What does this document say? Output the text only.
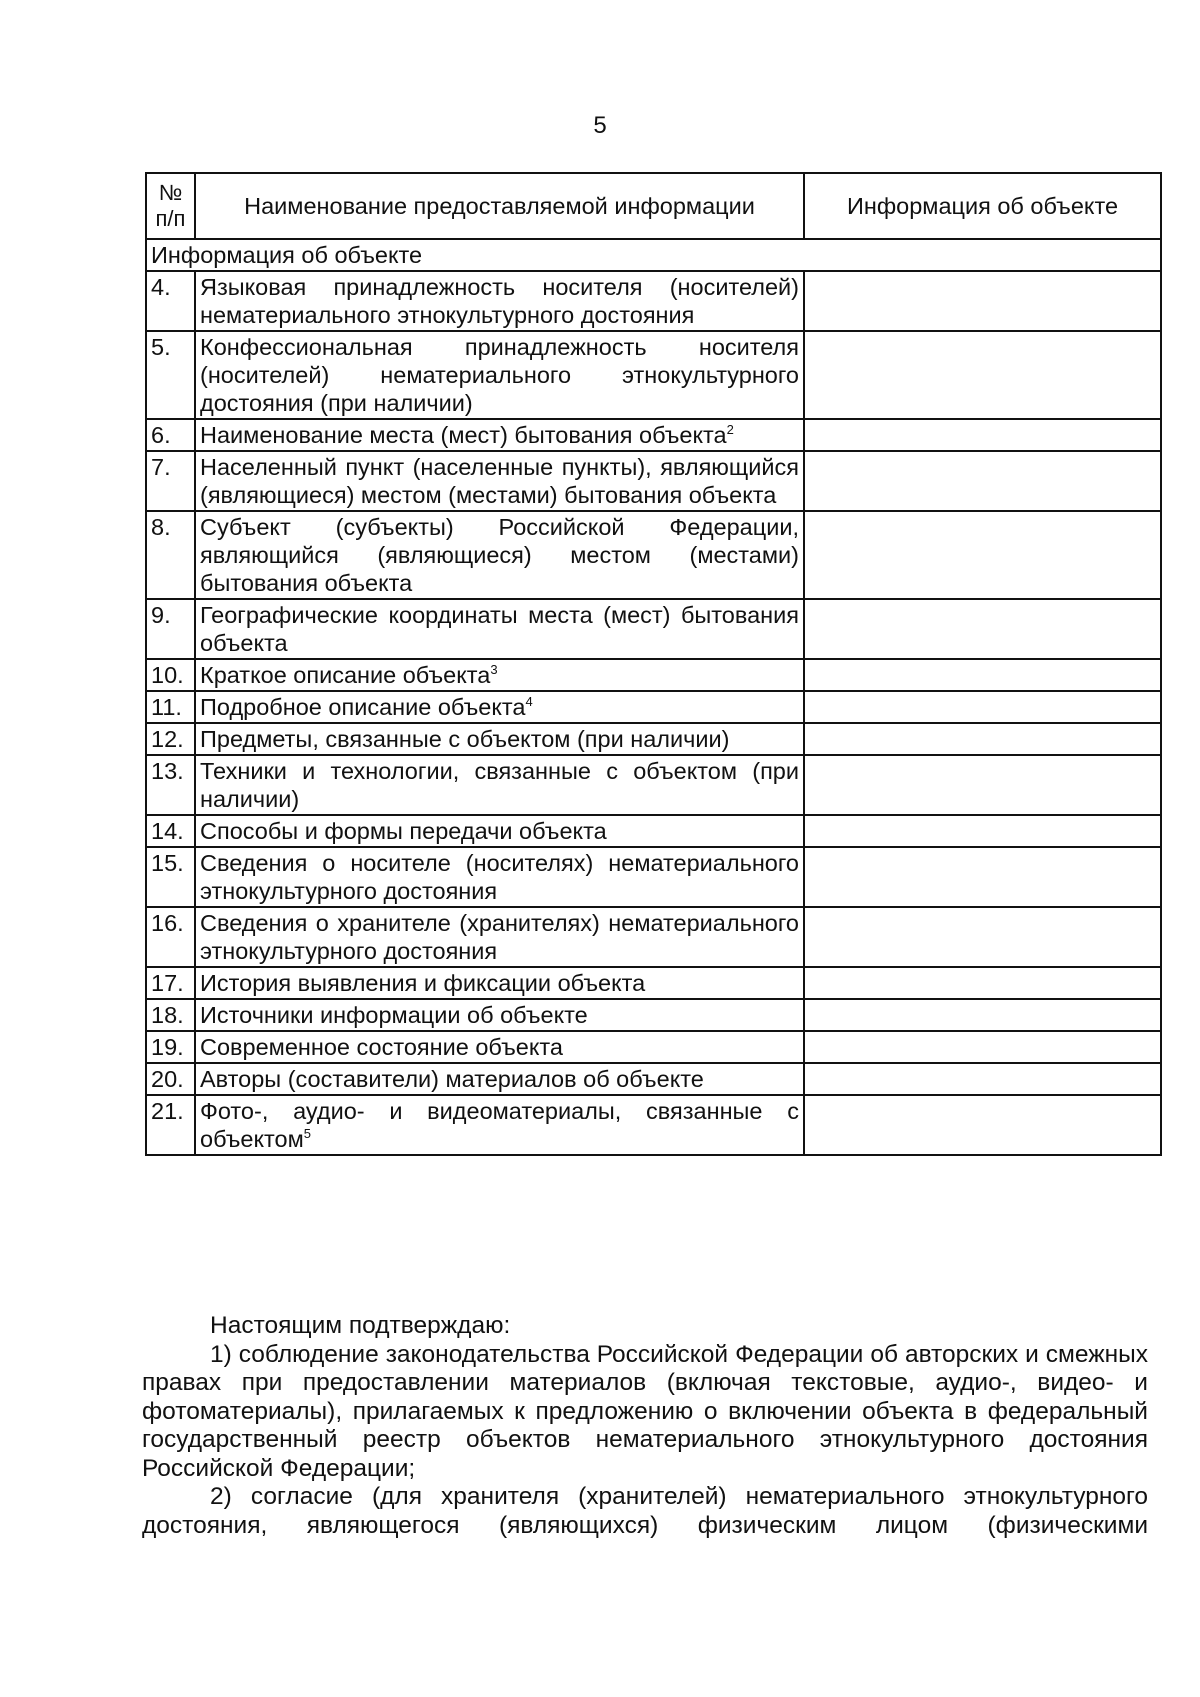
5
№ п/п	Наименование предоставляемой информации	Информация об объекте
Информация об объекте		
4.	Языковая принадлежность носителя (носителей) нематериального этнокультурного достояния	
5.	Конфессиональная принадлежность носителя (носителей) нематериального этнокультурного достояния (при наличии)	
6.	Наименование места (мест) бытования объекта$^2$	
7.	Населенный пункт (населенные пункты), являющийся (являющиеся) местом (местами) бытования объекта	
8.	Субъект (субъекты) Российской Федерации, являющийся (являющиеся) местом (местами) бытования объекта	
9.	Географические координаты места (мест) бытования объекта	
10.	Краткое описание объекта$^3$	
11.	Подробное описание объекта$^4$	
12.	Предметы, связанные с объектом (при наличии)	
13.	Техники и технологии, связанные с объектом (при наличии)	
14.	Способы и формы передачи объекта	
15.	Сведения о носителе (носителях) нематериального этнокультурного достояния	
16.	Сведения о хранителе (хранителях) нематериального этнокультурного достояния	
17.	История выявления и фиксации объекта	
18.	Источники информации об объекте	
19.	Современное состояние объекта	
20.	Авторы (составители) материалов об объекте	
21.	Фото-, аудио- и видеоматериалы, связанные с объектом$^5$	

Настоящим подтверждаю:

1) соблюдение законодательства Российской Федерации об авторских и смежных правах при предоставлении материалов (включая текстовые, аудио-, видео- и фотоматериалы), прилагаемых к предложению о включении объекта в федеральный государственный реестр объектов нематериального этнокультурного достояния Российской Федерации;

2) согласие (для хранителя (хранителей) нематериального этнокультурного достояния, являющегося (являющихся) физическим лицом (физическими
